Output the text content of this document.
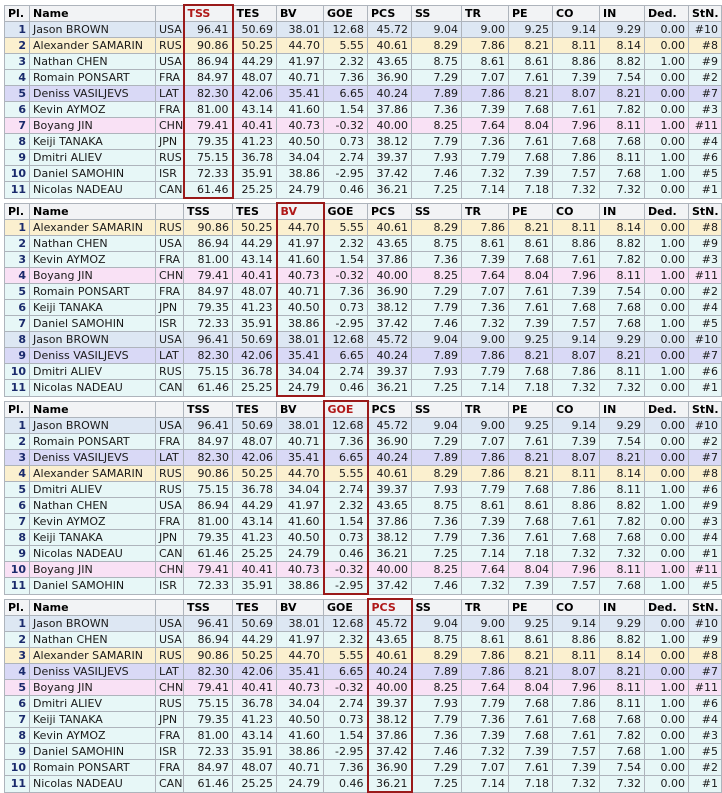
Pl.	Name		TSS	TES	BV	GOE	PCS	SS	TR	PE	CO	IN	Ded.	StN.
1	Jason BROWN	USA	96.41	50.69	38.01	12.68	45.72	9.04	9.00	9.25	9.14	9.29	0.00	#10
2	Alexander SAMARIN	RUS	90.86	50.25	44.70	5.55	40.61	8.29	7.86	8.21	8.11	8.14	0.00	#8
3	Nathan CHEN	USA	86.94	44.29	41.97	2.32	43.65	8.75	8.61	8.61	8.86	8.82	1.00	#9
4	Romain PONSART	FRA	84.97	48.07	40.71	7.36	36.90	7.29	7.07	7.61	7.39	7.54	0.00	#2
5	Deniss VASILJEVS	LAT	82.30	42.06	35.41	6.65	40.24	7.89	7.86	8.21	8.07	8.21	0.00	#7
6	Kevin AYMOZ	FRA	81.00	43.14	41.60	1.54	37.86	7.36	7.39	7.68	7.61	7.82	0.00	#3
7	Boyang JIN	CHN	79.41	40.41	40.73	-0.32	40.00	8.25	7.64	8.04	7.96	8.11	1.00	#11
8	Keiji TANAKA	JPN	79.35	41.23	40.50	0.73	38.12	7.79	7.36	7.61	7.68	7.68	0.00	#4
9	Dmitri ALIEV	RUS	75.15	36.78	34.04	2.74	39.37	7.93	7.79	7.68	7.86	8.11	1.00	#6
10	Daniel SAMOHIN	ISR	72.33	35.91	38.86	-2.95	37.42	7.46	7.32	7.39	7.57	7.68	1.00	#5
11	Nicolas NADEAU	CAN	61.46	25.25	24.79	0.46	36.21	7.25	7.14	7.18	7.32	7.32	0.00	#1
Pl.	Name		TSS	TES	BV	GOE	PCS	SS	TR	PE	CO	IN	Ded.	StN.
1	Alexander SAMARIN	RUS	90.86	50.25	44.70	5.55	40.61	8.29	7.86	8.21	8.11	8.14	0.00	#8
2	Nathan CHEN	USA	86.94	44.29	41.97	2.32	43.65	8.75	8.61	8.61	8.86	8.82	1.00	#9
3	Kevin AYMOZ	FRA	81.00	43.14	41.60	1.54	37.86	7.36	7.39	7.68	7.61	7.82	0.00	#3
4	Boyang JIN	CHN	79.41	40.41	40.73	-0.32	40.00	8.25	7.64	8.04	7.96	8.11	1.00	#11
5	Romain PONSART	FRA	84.97	48.07	40.71	7.36	36.90	7.29	7.07	7.61	7.39	7.54	0.00	#2
6	Keiji TANAKA	JPN	79.35	41.23	40.50	0.73	38.12	7.79	7.36	7.61	7.68	7.68	0.00	#4
7	Daniel SAMOHIN	ISR	72.33	35.91	38.86	-2.95	37.42	7.46	7.32	7.39	7.57	7.68	1.00	#5
8	Jason BROWN	USA	96.41	50.69	38.01	12.68	45.72	9.04	9.00	9.25	9.14	9.29	0.00	#10
9	Deniss VASILJEVS	LAT	82.30	42.06	35.41	6.65	40.24	7.89	7.86	8.21	8.07	8.21	0.00	#7
10	Dmitri ALIEV	RUS	75.15	36.78	34.04	2.74	39.37	7.93	7.79	7.68	7.86	8.11	1.00	#6
11	Nicolas NADEAU	CAN	61.46	25.25	24.79	0.46	36.21	7.25	7.14	7.18	7.32	7.32	0.00	#1
Pl.	Name		TSS	TES	BV	GOE	PCS	SS	TR	PE	CO	IN	Ded.	StN.
1	Jason BROWN	USA	96.41	50.69	38.01	12.68	45.72	9.04	9.00	9.25	9.14	9.29	0.00	#10
2	Romain PONSART	FRA	84.97	48.07	40.71	7.36	36.90	7.29	7.07	7.61	7.39	7.54	0.00	#2
3	Deniss VASILJEVS	LAT	82.30	42.06	35.41	6.65	40.24	7.89	7.86	8.21	8.07	8.21	0.00	#7
4	Alexander SAMARIN	RUS	90.86	50.25	44.70	5.55	40.61	8.29	7.86	8.21	8.11	8.14	0.00	#8
5	Dmitri ALIEV	RUS	75.15	36.78	34.04	2.74	39.37	7.93	7.79	7.68	7.86	8.11	1.00	#6
6	Nathan CHEN	USA	86.94	44.29	41.97	2.32	43.65	8.75	8.61	8.61	8.86	8.82	1.00	#9
7	Kevin AYMOZ	FRA	81.00	43.14	41.60	1.54	37.86	7.36	7.39	7.68	7.61	7.82	0.00	#3
8	Keiji TANAKA	JPN	79.35	41.23	40.50	0.73	38.12	7.79	7.36	7.61	7.68	7.68	0.00	#4
9	Nicolas NADEAU	CAN	61.46	25.25	24.79	0.46	36.21	7.25	7.14	7.18	7.32	7.32	0.00	#1
10	Boyang JIN	CHN	79.41	40.41	40.73	-0.32	40.00	8.25	7.64	8.04	7.96	8.11	1.00	#11
11	Daniel SAMOHIN	ISR	72.33	35.91	38.86	-2.95	37.42	7.46	7.32	7.39	7.57	7.68	1.00	#5
Pl.	Name		TSS	TES	BV	GOE	PCS	SS	TR	PE	CO	IN	Ded.	StN.
1	Jason BROWN	USA	96.41	50.69	38.01	12.68	45.72	9.04	9.00	9.25	9.14	9.29	0.00	#10
2	Nathan CHEN	USA	86.94	44.29	41.97	2.32	43.65	8.75	8.61	8.61	8.86	8.82	1.00	#9
3	Alexander SAMARIN	RUS	90.86	50.25	44.70	5.55	40.61	8.29	7.86	8.21	8.11	8.14	0.00	#8
4	Deniss VASILJEVS	LAT	82.30	42.06	35.41	6.65	40.24	7.89	7.86	8.21	8.07	8.21	0.00	#7
5	Boyang JIN	CHN	79.41	40.41	40.73	-0.32	40.00	8.25	7.64	8.04	7.96	8.11	1.00	#11
6	Dmitri ALIEV	RUS	75.15	36.78	34.04	2.74	39.37	7.93	7.79	7.68	7.86	8.11	1.00	#6
7	Keiji TANAKA	JPN	79.35	41.23	40.50	0.73	38.12	7.79	7.36	7.61	7.68	7.68	0.00	#4
8	Kevin AYMOZ	FRA	81.00	43.14	41.60	1.54	37.86	7.36	7.39	7.68	7.61	7.82	0.00	#3
9	Daniel SAMOHIN	ISR	72.33	35.91	38.86	-2.95	37.42	7.46	7.32	7.39	7.57	7.68	1.00	#5
10	Romain PONSART	FRA	84.97	48.07	40.71	7.36	36.90	7.29	7.07	7.61	7.39	7.54	0.00	#2
11	Nicolas NADEAU	CAN	61.46	25.25	24.79	0.46	36.21	7.25	7.14	7.18	7.32	7.32	0.00	#1
